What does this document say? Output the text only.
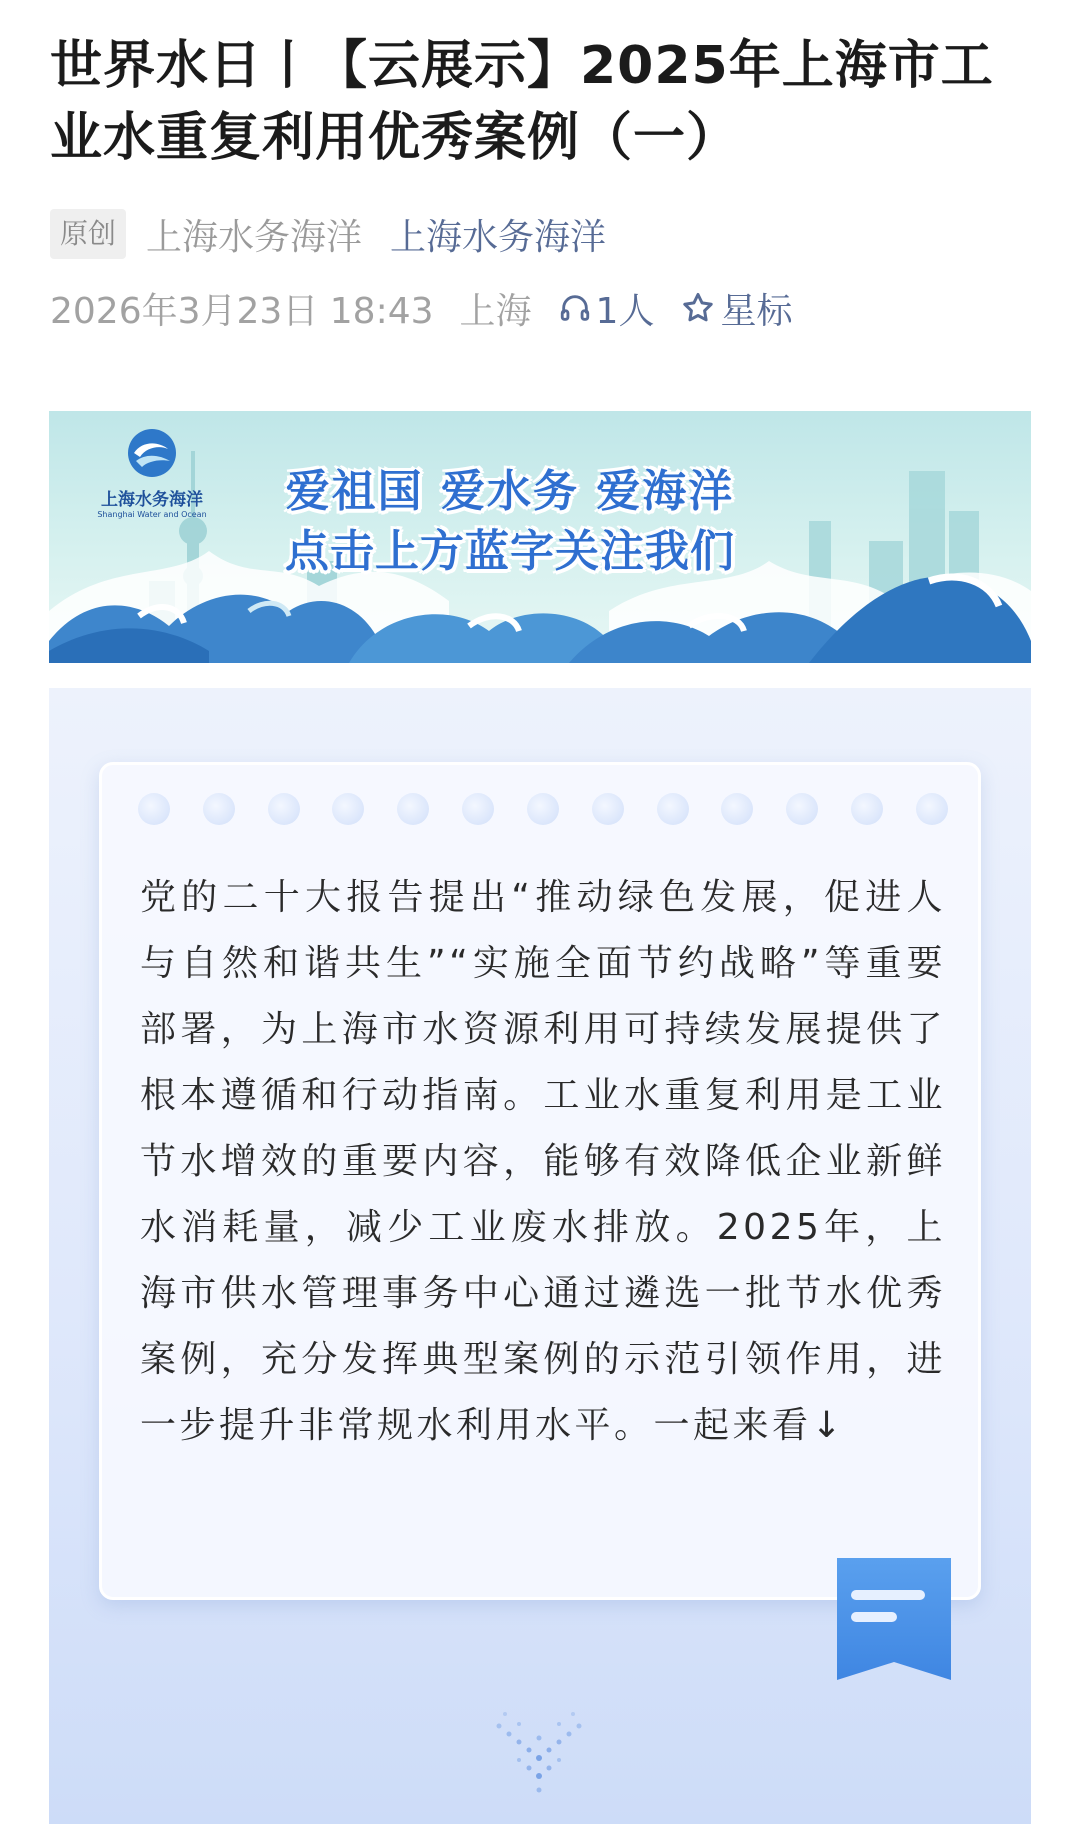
世界水日丨【云展示】2025年上海市工业水重复利用优秀案例（一）
原创 上海水务海洋 上海水务海洋
2026年3月23日 18:43 上海 1人 星标
上海水务海洋
Shanghai Water and Ocean	爱祖国 爱水务 爱海洋
点击上方蓝字关注我们

党的二十大报告提出“推动绿色发展，促进人与自然和谐共生”“实施全面节约战略”等重要部署，为上海市水资源利用可持续发展提供了根本遵循和行动指南。工业水重复利用是工业节水增效的重要内容，能够有效降低企业新鲜水消耗量，减少工业废水排放。2025年，上海市供水管理事务中心通过遴选一批节水优秀案例，充分发挥典型案例的示范引领作用，进一步提升非常规水利用水平。一起来看↓
